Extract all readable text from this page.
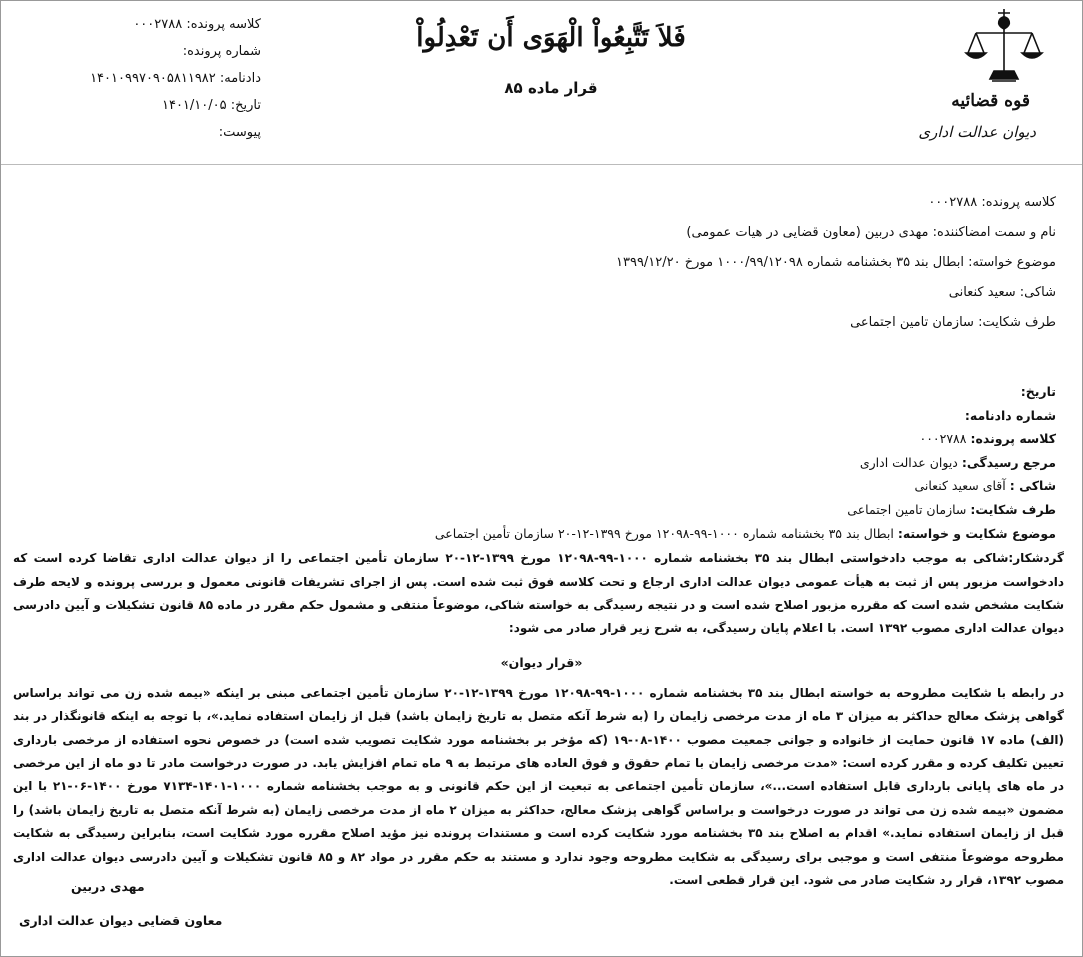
کلاسه پرونده: ۰۰۰۲۷۸۸
شماره پرونده:
دادنامه: ۱۴۰۱۰۹۹۷۰۹۰۵۸۱۱۹۸۲
تاریخ: ۱۴۰۱/۱۰/۰۵
پیوست:
فَلاَ تَتَّبِعُواْ الْهَوَى أَن تَعْدِلُواْ
قرار ماده ۸۵
قوه قضائیه
دیوان عدالت اداری
کلاسه پرونده: ۰۰۰۲۷۸۸
نام و سمت امضاکننده: مهدی دربین (معاون قضایی در هیات عمومی)
موضوع خواسته: ابطال بند ۳۵ بخشنامه شماره ۱۰۰۰/۹۹/۱۲۰۹۸ مورخ ۱۳۹۹/۱۲/۲۰
شاکی: سعید کنعانی
طرف شکایت: سازمان تامین اجتماعی
تاریخ:
شماره دادنامه:
کلاسه پرونده: ۰۰۰۲۷۸۸
مرجع رسیدگی: دیوان عدالت اداری
شاکی : آقای سعید کنعانی
طرف شکایت: سازمان تامین اجتماعی
موضوع شکایت و خواسته: ابطال بند ۳۵ بخشنامه شماره ۱۰۰۰-۹۹-۱۲۰۹۸ مورخ ۱۳۹۹-۱۲-۲۰ سازمان تأمین اجتماعی

گردشکار:شاکی به موجب دادخواستی ابطال بند ۳۵ بخشنامه شماره ۱۰۰۰-۹۹-۱۲۰۹۸ مورخ ۱۳۹۹-۱۲-۲۰ سازمان تأمین اجتماعی را از دیوان عدالت اداری تقاضا کرده است که دادخواست مزبور پس از ثبت به هیأت عمومی دیوان عدالت اداری ارجاع و تحت کلاسه فوق ثبت شده است. پس از اجرای تشریفات قانونی معمول و بررسی پرونده و لایحه طرف شکایت مشخص شده است که مقرره مزبور اصلاح شده است و در نتیجه رسیدگی به خواسته شاکی، موضوعاً منتفی و مشمول حکم مقرر در ماده ۸۵ قانون تشکیلات و آیین دادرسی دیوان عدالت اداری مصوب ۱۳۹۲ است. با اعلام پایان رسیدگی، به شرح زیر قرار صادر می شود:

«قرار دیوان»

در رابطه با شکایت مطروحه به خواسته ابطال بند ۳۵ بخشنامه شماره ۱۰۰۰-۹۹-۱۲۰۹۸ مورخ ۱۳۹۹-۱۲-۲۰ سازمان تأمین اجتماعی مبنی بر اینکه «بیمه شده زن می تواند براساس گواهی پزشک معالج حداکثر به میزان ۳ ماه از مدت مرخصی زایمان را (به شرط آنکه متصل به تاریخ زایمان باشد) قبل از زایمان استفاده نماید.»، با توجه به اینکه قانونگذار در بند (الف) ماده ۱۷ قانون حمایت از خانواده و جوانی جمعیت مصوب ۱۴۰۰-۰۸-۱۹ (که مؤخر بر بخشنامه مورد شکایت تصویب شده است) در خصوص نحوه استفاده از مرخصی بارداری تعیین تکلیف کرده و مقرر کرده است: «مدت مرخصی زایمان با تمام حقوق و فوق العاده های مرتبط به ۹ ماه تمام افزایش یابد. در صورت درخواست مادر تا دو ماه از این مرخصی در ماه های پایانی بارداری قابل استفاده است...»، سازمان تأمین اجتماعی به تبعیت از این حکم قانونی و به موجب بخشنامه شماره ۱۰۰۰-۱۴۰۱-۷۱۳۴ مورخ ۱۴۰۰-۰۶-۲۱ با این مضمون «بیمه شده زن می تواند در صورت درخواست و براساس گواهی پزشک معالج، حداکثر به میزان ۲ ماه از مدت مرخصی زایمان (به شرط آنکه متصل به تاریخ زایمان باشد) را قبل از زایمان استفاده نماید.» اقدام به اصلاح بند ۳۵ بخشنامه مورد شکایت کرده است و مستندات پرونده نیز مؤید اصلاح مقرره مورد شکایت است، بنابراین رسیدگی به شکایت مطروحه موضوعاً منتفی است و موجبی برای رسیدگی به شکایت مطروحه وجود ندارد و مستند به حکم مقرر در مواد ۸۲ و ۸۵ قانون تشکیلات و آیین دادرسی دیوان عدالت اداری مصوب ۱۳۹۲، قرار رد شکایت صادر می شود. این قرار قطعی است.

مهدی دربین
معاون قضایی دیوان عدالت اداری
